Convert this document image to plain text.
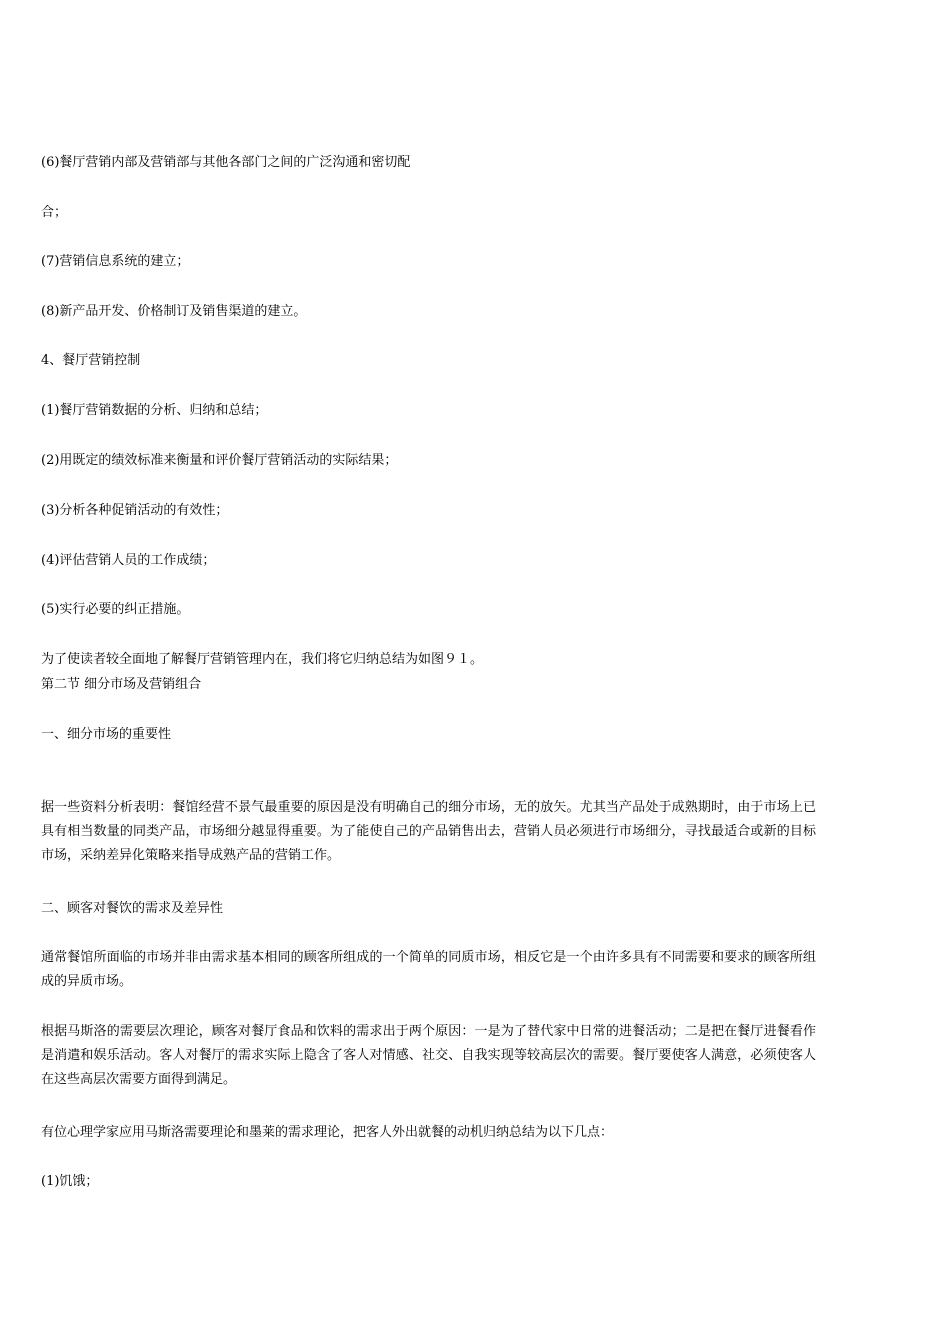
(6)餐厅营销内部及营销部与其他各部门之间的广泛沟通和密切配
合；
(7)营销信息系统的建立；
(8)新产品开发、价格制订及销售渠道的建立。
4、餐厅营销控制
(1)餐厅营销数据的分析、归纳和总结；
(2)用既定的绩效标准来衡量和评价餐厅营销活动的实际结果；
(3)分析各种促销活动的有效性；
(4)评估营销人员的工作成绩；
(5)实行必要的纠正措施。
为了使读者较全面地了解餐厅营销管理内在，我们将它归纳总结为如图９１。
第二节 细分市场及营销组合
一、细分市场的重要性
据一些资料分析表明：餐馆经营不景气最重要的原因是没有明确自己的细分市场，无的放矢。尤其当产品处于成熟期时，由于市场上已具有相当数量的同类产品，市场细分越显得重要。为了能使自己的产品销售出去，营销人员必须进行市场细分，寻找最适合或新的目标市场，采纳差异化策略来指导成熟产品的营销工作。
二、顾客对餐饮的需求及差异性
通常餐馆所面临的市场并非由需求基本相同的顾客所组成的一个简单的同质市场，相反它是一个由许多具有不同需要和要求的顾客所组成的异质市场。
根据马斯洛的需要层次理论，顾客对餐厅食品和饮料的需求出于两个原因：一是为了替代家中日常的进餐活动；二是把在餐厅进餐看作是消遣和娱乐活动。客人对餐厅的需求实际上隐含了客人对情感、社交、自我实现等较高层次的需要。餐厅要使客人满意，必须使客人在这些高层次需要方面得到满足。
有位心理学家应用马斯洛需要理论和墨莱的需求理论，把客人外出就餐的动机归纳总结为以下几点：
(1)饥饿；
